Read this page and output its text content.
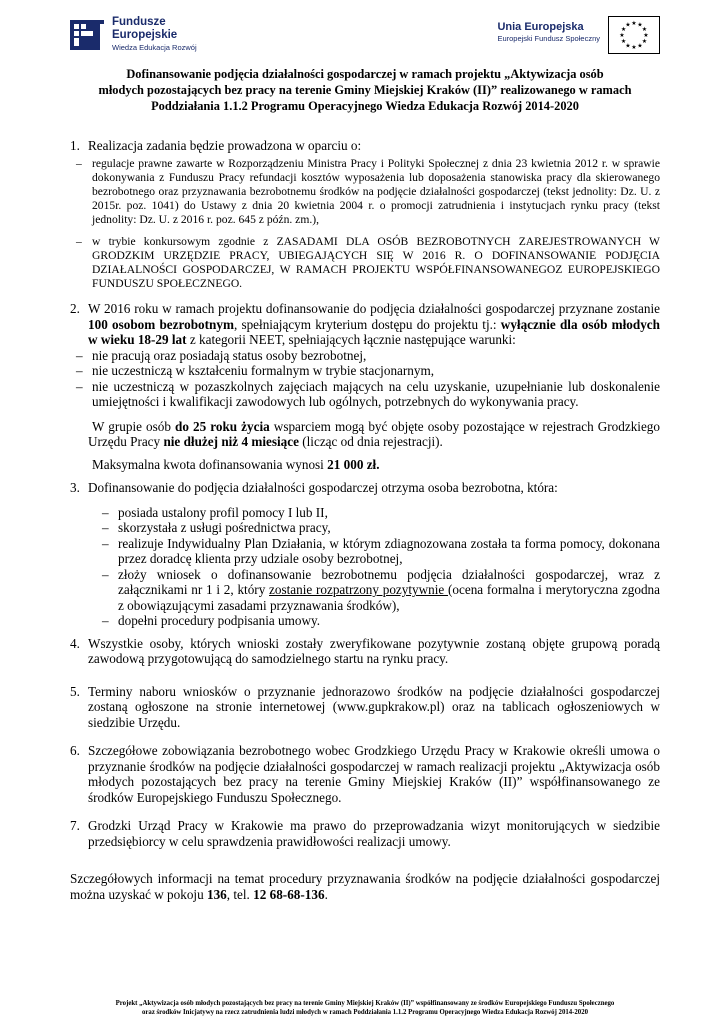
Fundusze
Europejskie
Wiedza Edukacja Rozwój
Unia Europejska
Europejski Fundusz Społeczny	★
★
★
★
★
★
★
★
★ ★ ★
★
Dofinansowanie podjęcia działalności gospodarczej w ramach projektu „Aktywizacja osób
młodych pozostających bez pracy na terenie Gminy Miejskiej Kraków (II)” realizowanego w ramach
Poddziałania 1.1.2 Programu Operacyjnego Wiedza Edukacja Rozwój 2014-2020
1. Realizacja zadania będzie prowadzona w oparciu o:
– regulacje prawne zawarte w Rozporządzeniu Ministra Pracy i Polityki Społecznej z dnia 23 kwietnia 2012 r. w sprawie dokonywania z Funduszu Pracy refundacji kosztów wyposażenia lub doposażenia stanowiska pracy dla skierowanego bezrobotnego oraz przyznawania bezrobotnemu środków na podjęcie działalności gospodarczej (tekst jednolity: Dz. U. z 2015r. poz. 1041) do Ustawy z dnia 20 kwietnia 2004 r. o promocji zatrudnienia i instytucjach rynku pracy (tekst jednolity: Dz. U. z 2016 r. poz. 645 z późn. zm.),
– w trybie konkursowym zgodnie z ZASADAMI DLA OSÓB BEZROBOTNYCH ZAREJESTROWANYCH W GRODZKIM URZĘDZIE PRACY, UBIEGAJĄCYCH SIĘ W 2016 R. O DOFINANSOWANIE PODJĘCIA DZIAŁALNOŚCI GOSPODARCZEJ, W RAMACH PROJEKTU WSPÓŁFINANSOWANEGOZ EUROPEJSKIEGO FUNDUSZU SPOŁECZNEGO.
2. W 2016 roku w ramach projektu dofinansowanie do podjęcia działalności gospodarczej przyznane zostanie 100 osobom bezrobotnym, spełniającym kryterium dostępu do projektu tj.: wyłącznie dla osób młodych w wieku 18-29 lat z kategorii NEET, spełniających łącznie następujące warunki:
– nie pracują oraz posiadają status osoby bezrobotnej,
– nie uczestniczą w kształceniu formalnym w trybie stacjonarnym,
– nie uczestniczą w pozaszkolnych zajęciach mających na celu uzyskanie, uzupełnianie lub doskonalenie umiejętności i kwalifikacji zawodowych lub ogólnych, potrzebnych do wykonywania pracy.

W grupie osób do 25 roku życia wsparciem mogą być objęte osoby pozostające w rejestrach Grodzkiego Urzędu Pracy nie dłużej niż 4 miesiące (licząc od dnia rejestracji).

Maksymalna kwota dofinansowania wynosi 21 000 zł.

3. Dofinansowanie do podjęcia działalności gospodarczej otrzyma osoba bezrobotna, która:
– posiada ustalony profil pomocy I lub II,
– skorzystała z usługi pośrednictwa pracy,
– realizuje Indywidualny Plan Działania, w którym zdiagnozowana została ta forma pomocy, dokonana przez doradcę klienta przy udziale osoby bezrobotnej,
– złoży wniosek o dofinansowanie bezrobotnemu podjęcia działalności gospodarczej, wraz z załącznikami nr 1 i 2, który zostanie rozpatrzony pozytywnie (ocena formalna i merytoryczna zgodna z obowiązującymi zasadami przyznawania środków),
– dopełni procedury podpisania umowy.
4. Wszystkie osoby, których wnioski zostały zweryfikowane pozytywnie zostaną objęte grupową poradą zawodową przygotowującą do samodzielnego startu na rynku pracy.
5. Terminy naboru wniosków o przyznanie jednorazowo środków na podjęcie działalności gospodarczej zostaną ogłoszone na stronie internetowej (www.gupkrakow.pl) oraz na tablicach ogłoszeniowych w siedzibie Urzędu.
6. Szczegółowe zobowiązania bezrobotnego wobec Grodzkiego Urzędu Pracy w Krakowie określi umowa o przyznanie środków na podjęcie działalności gospodarczej w ramach realizacji projektu „Aktywizacja osób młodych pozostających bez pracy na terenie Gminy Miejskiej Kraków (II)” współfinansowanego ze środków Europejskiego Funduszu Społecznego.
7. Grodzki Urząd Pracy w Krakowie ma prawo do przeprowadzania wizyt monitorujących w siedzibie przedsiębiorcy w celu sprawdzenia prawidłowości realizacji umowy.

Szczegółowych informacji na temat procedury przyznawania środków na podjęcie działalności gospodarczej można uzyskać w pokoju 136, tel. 12 68-68-136.

Projekt „Aktywizacja osób młodych pozostających bez pracy na terenie Gminy Miejskiej Kraków (II)” współfinansowany ze środków Europejskiego Funduszu Społecznego
oraz środków Inicjatywy na rzecz zatrudnienia ludzi młodych w ramach Poddziałania 1.1.2 Programu Operacyjnego Wiedza Edukacja Rozwój 2014-2020
